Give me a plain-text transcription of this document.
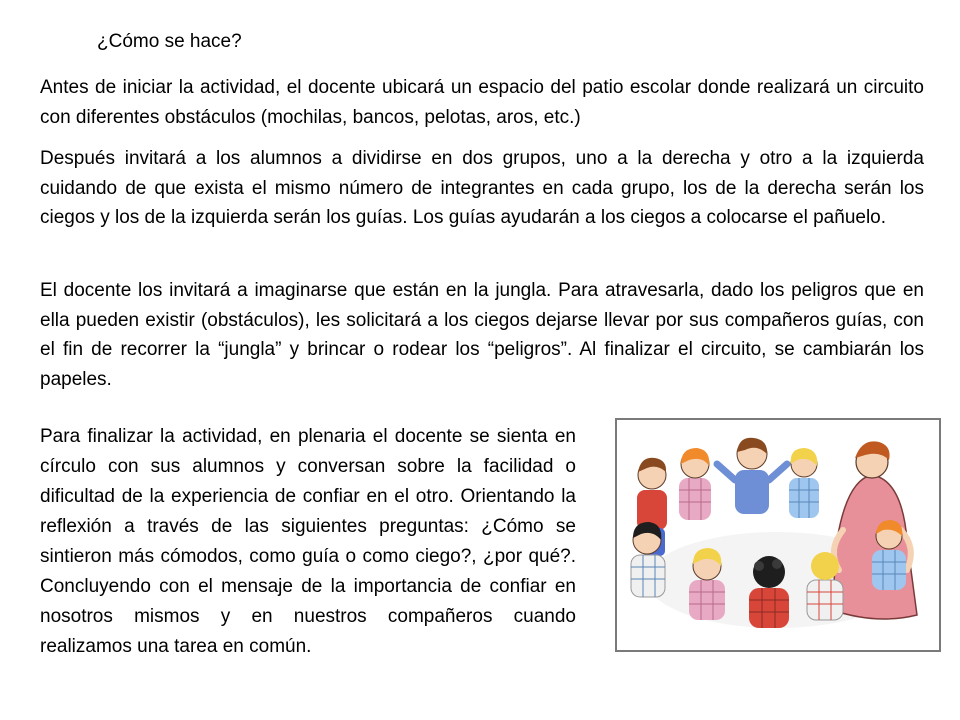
¿Cómo se hace?

Antes de iniciar la actividad, el docente ubicará un espacio del patio escolar donde realizará un circuito con diferentes obstáculos (mochilas, bancos, pelotas, aros, etc.)

Después invitará a los alumnos a dividirse en dos grupos, uno a la derecha y otro a la izquierda cuidando de que exista el mismo número de integrantes en cada grupo, los de la derecha serán los ciegos y los de la izquierda serán los guías. Los guías ayudarán a los ciegos a colocarse el pañuelo.

El docente los invitará a imaginarse que están en la jungla. Para atravesarla, dado los peligros que en ella pueden existir (obstáculos), les solicitará a los ciegos dejarse llevar por sus compañeros guías, con el fin de recorrer la “jungla” y brincar o rodear los “peligros”. Al finalizar el circuito, se cambiarán los papeles.

Para finalizar la actividad, en plenaria el docente se sienta en círculo con sus alumnos y conversan sobre la facilidad o dificultad de la experiencia de confiar en el otro. Orientando la reflexión a través de las siguientes preguntas: ¿Cómo se sintieron más cómodos, como guía o como ciego?, ¿por qué?. Concluyendo con el mensaje de la importancia de confiar en nosotros mismos y en nuestros compañeros cuando realizamos una tarea en común.
